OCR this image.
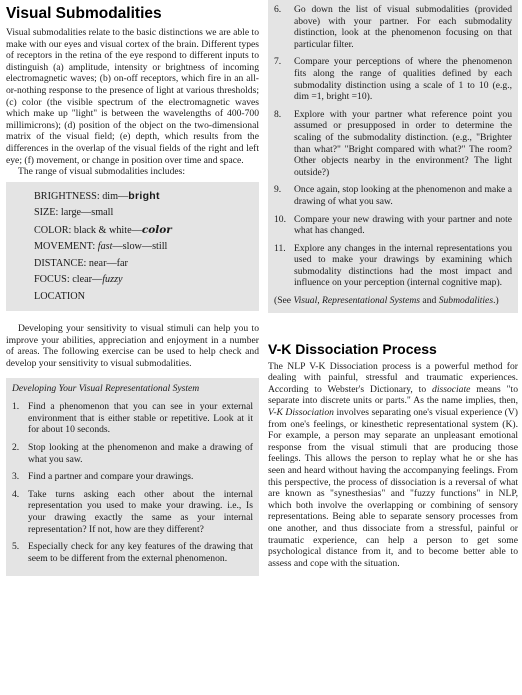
Visual Submodalities

Visual submodalities relate to the basic distinctions we are able to make with our eyes and visual cortex of the brain. Different types of receptors in the retina of the eye respond to different inputs to distinguish (a) amplitude, intensity or brightness of incoming electromagnetic waves; (b) on-off receptors, which fire in an all-or-nothing response to the presence of light at various thresholds; (c) color (the visible spectrum of the electromagnetic waves which make up "light" is between the wavelengths of 400-700 millimicrons); (d) position of the object on the two-dimensional matrix of the visual field; (e) depth, which results from the differences in the overlap of the visual fields of the right and left eye; (f) movement, or change in position over time and space.

The range of visual submodalities includes:

BRIGHTNESS: dim—bright
SIZE: large—small
COLOR: black & white—color
MOVEMENT: fast—slow—still
DISTANCE: near—far
FOCUS: clear—fuzzy
LOCATION

Developing your sensitivity to visual stimuli can help you to improve your abilities, appreciation and enjoyment in a number of areas. The following exercise can be used to help check and develop your sensitivity to visual submodalities.

Developing Your Visual Representational System
1. Find a phenomenon that you can see in your external environment that is either stable or repetitive. Look at it for about 10 seconds.
2. Stop looking at the phenomenon and make a drawing of what you saw.
3. Find a partner and compare your drawings.
4. Take turns asking each other about the internal representation you used to make your drawing. i.e., Is your drawing exactly the same as your internal representation? If not, how are they different?
5. Especially check for any key features of the drawing that seem to be different from the external phenomenon.
6. Go down the list of visual submodalities (provided above) with your partner. For each submodality distinction, look at the phenomenon focusing on that particular filter.
7. Compare your perceptions of where the phenomenon fits along the range of qualities defined by each submodality distinction using a scale of 1 to 10 (e.g., dim =1, bright =10).
8. Explore with your partner what reference point you assumed or presupposed in order to determine the scaling of the submodality distinction. (e.g., "Brighter than what?" "Bright compared with what?" The room? Other objects nearby in the environment? The light outside?)
9. Once again, stop looking at the phenomenon and make a drawing of what you saw.
10. Compare your new drawing with your partner and note what has changed.
11. Explore any changes in the internal representations you used to make your drawings by examining which submodality distinctions had the most impact and influence on your perception (internal cognitive map).

(See Visual, Representational Systems and Submodalities.)

V-K Dissociation Process

The NLP V-K Dissociation process is a powerful method for dealing with painful, stressful and traumatic experiences. According to Webster's Dictionary, to dissociate means "to separate into discrete units or parts." As the name implies, then, V-K Dissociation involves separating one's visual experience (V) from one's feelings, or kinesthetic representational system (K). For example, a person may separate an unpleasant emotional response from the visual stimuli that are producing those feelings. This allows the person to replay what he or she has seen and heard without having the accompanying feelings. From this perspective, the process of dissociation is a reversal of what are known as "synesthesias" and "fuzzy functions" in NLP, which both involve the overlapping or combining of sensory representations. Being able to separate sensory processes from one another, and thus dissociate from a stressful, painful or traumatic experience, can help a person to get some psychological distance from it, and to become better able to assess and cope with the situation.
